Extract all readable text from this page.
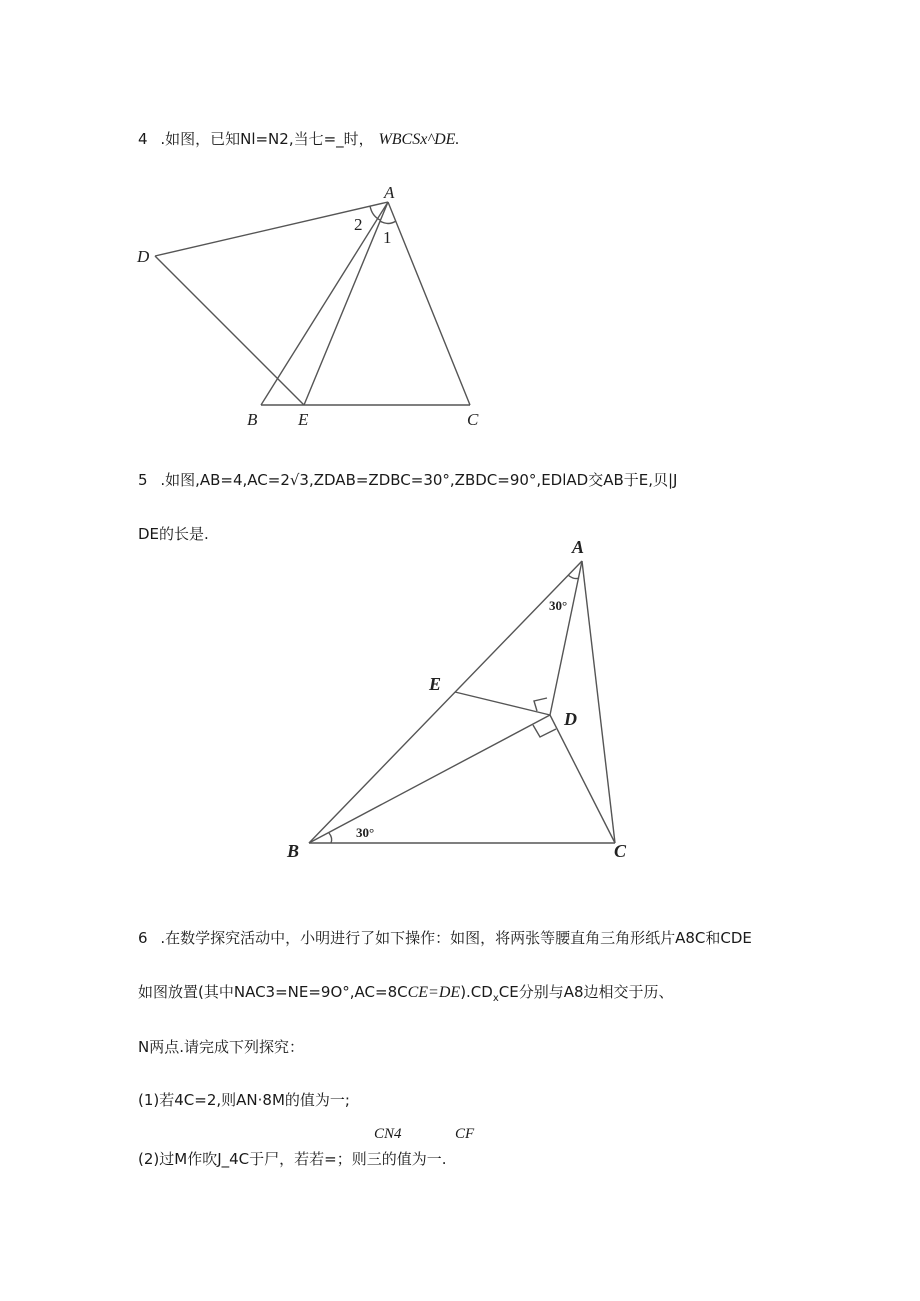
4 .如图，已知Nl=N2,当七=_时， WBCSx^DE.
A
D
B E	C
2
1
5 .如图,AB=4,AC=2√3,ZDAB=ZDBC=30°,ZBDC=90°,EDlAD交AB于E,贝|J
DE的长是.
A
E
D
B	C
30°
30°
6 .在数学探究活动中，小明进行了如下操作：如图，将两张等腰直角三角形纸片A8C和CDE
如图放置(其中$NAC3=NE=9O^\circ,AC=8CCE=DE).CD_xCE$分别与A8边相交于历、
N两点.请完成下列探究：
(1)若4C=2,则AN·8M的值为一;
CN4	CF
(2)过M作吹J_4C于尸，若若=；则三的值为一.
